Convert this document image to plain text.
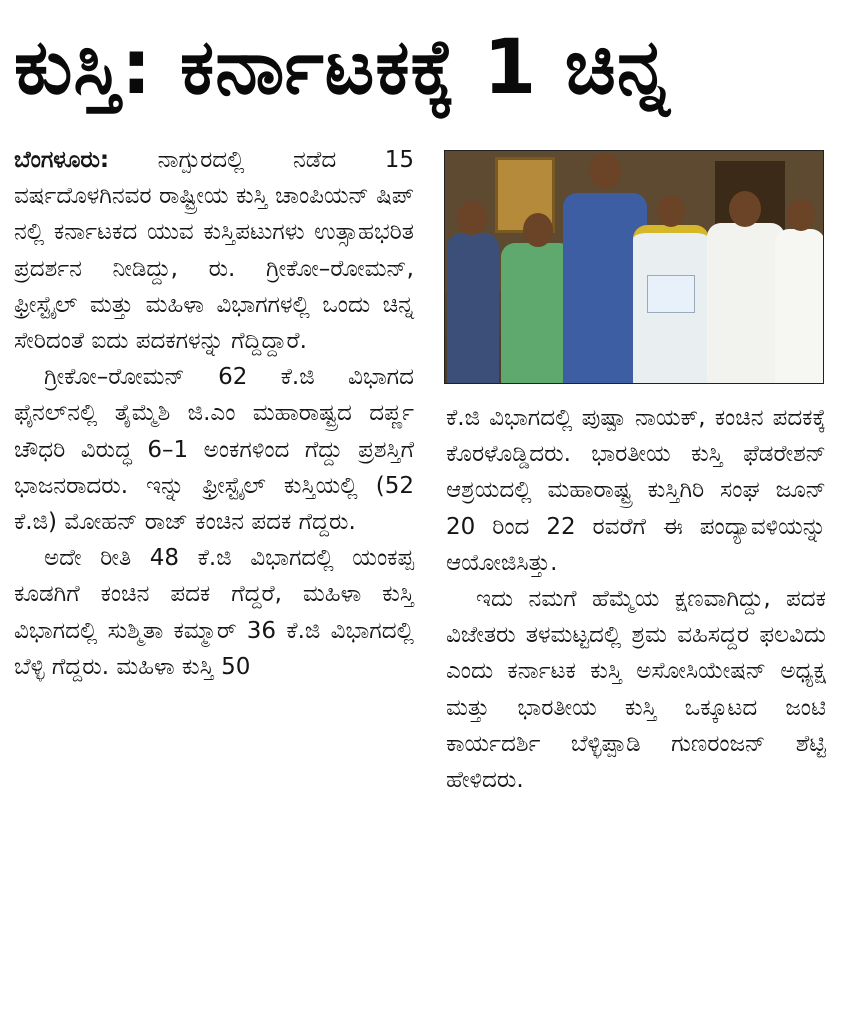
ಕುಸ್ತಿ: ಕರ್ನಾಟಕಕ್ಕೆ 1 ಚಿನ್ನ

ಬೆಂಗಳೂರು: ನಾಗ್ಪುರದಲ್ಲಿ ನಡೆದ 15 ವರ್ಷದೊಳಗಿನವರ ರಾಷ್ಟ್ರೀಯ ಕುಸ್ತಿ ಚಾಂಪಿಯನ್ ಷಿಪ್ ನಲ್ಲಿ ಕರ್ನಾಟಕದ ಯುವ ಕುಸ್ತಿಪಟುಗಳು ಉತ್ಸಾಹಭರಿತ ಪ್ರದರ್ಶನ ನೀಡಿದ್ದು, ರು. ಗ್ರೀಕೋ–ರೋಮನ್, ಫ್ರೀಸ್ಟೈಲ್ ಮತ್ತು ಮಹಿಳಾ ವಿಭಾಗಗಳಲ್ಲಿ ಒಂದು ಚಿನ್ನ ಸೇರಿದಂತೆ ಐದು ಪದಕಗಳನ್ನು ಗೆದ್ದಿದ್ದಾರೆ.

ಗ್ರೀಕೋ–ರೋಮನ್ 62 ಕೆ.ಜಿ ವಿಭಾಗದ ಫೈನಲ್‌ನಲ್ಲಿ ತೈಮ್ಮೆಶಿ ಜಿ.ಎಂ ಮಹಾರಾಷ್ಟ್ರದ ದರ್ಪ್ಣ ಚೌಧರಿ ವಿರುದ್ಧ 6–1 ಅಂಕಗಳಿಂದ ಗೆದ್ದು ಪ್ರಶಸ್ತಿಗೆ ಭಾಜನರಾದರು. ಇನ್ನು ಫ್ರೀಸ್ಟೈಲ್ ಕುಸ್ತಿಯಲ್ಲಿ (52 ಕೆ.ಜಿ) ಮೋಹನ್ ರಾಜ್ ಕಂಚಿನ ಪದಕ ಗೆದ್ದರು.

ಅದೇ ರೀತಿ 48 ಕೆ.ಜಿ ವಿಭಾಗದಲ್ಲಿ ಯಂಕಪ್ಪ ಕೂಡಗಿಗೆ ಕಂಚಿನ ಪದಕ ಗೆದ್ದರೆ, ಮಹಿಳಾ ಕುಸ್ತಿ ವಿಭಾಗದಲ್ಲಿ ಸುಶ್ಮಿತಾ ಕಮ್ಮಾರ್ 36 ಕೆ.ಜಿ ವಿಭಾಗದಲ್ಲಿ ಬೆಳ್ಳಿ ಗೆದ್ದರು. ಮಹಿಳಾ ಕುಸ್ತಿ 50

ಕೆ.ಜಿ ವಿಭಾಗದಲ್ಲಿ ಪುಷ್ಪಾ ನಾಯಕ್, ಕಂಚಿನ ಪದಕಕ್ಕೆ ಕೊರಳೊಡ್ಡಿದರು. ಭಾರತೀಯ ಕುಸ್ತಿ ಫೆಡರೇಶನ್ ಆಶ್ರಯದಲ್ಲಿ ಮಹಾರಾಷ್ಟ್ರ ಕುಸ್ತಿಗಿರಿ ಸಂಘ ಜೂನ್ 20 ರಿಂದ 22 ರವರೆಗೆ ಈ ಪಂದ್ಯಾವಳಿಯನ್ನು ಆಯೋಜಿಸಿತ್ತು.

ಇದು ನಮಗೆ ಹೆಮ್ಮೆಯ ಕ್ಷಣವಾಗಿದ್ದು, ಪದಕ ವಿಜೇತರು ತಳಮಟ್ಟದಲ್ಲಿ ಶ್ರಮ ವಹಿಸದ್ದರ ಫಲವಿದು ಎಂದು ಕರ್ನಾಟಕ ಕುಸ್ತಿ ಅಸೋಸಿಯೇಷನ್ ಅಧ್ಯಕ್ಷ ಮತ್ತು ಭಾರತೀಯ ಕುಸ್ತಿ ಒಕ್ಕೂಟದ ಜಂಟಿ ಕಾರ್ಯದರ್ಶಿ ಬೆಳ್ಳಿಪ್ಪಾಡಿ ಗುಣರಂಜನ್ ಶೆಟ್ಟಿ ಹೇಳಿದರು.
